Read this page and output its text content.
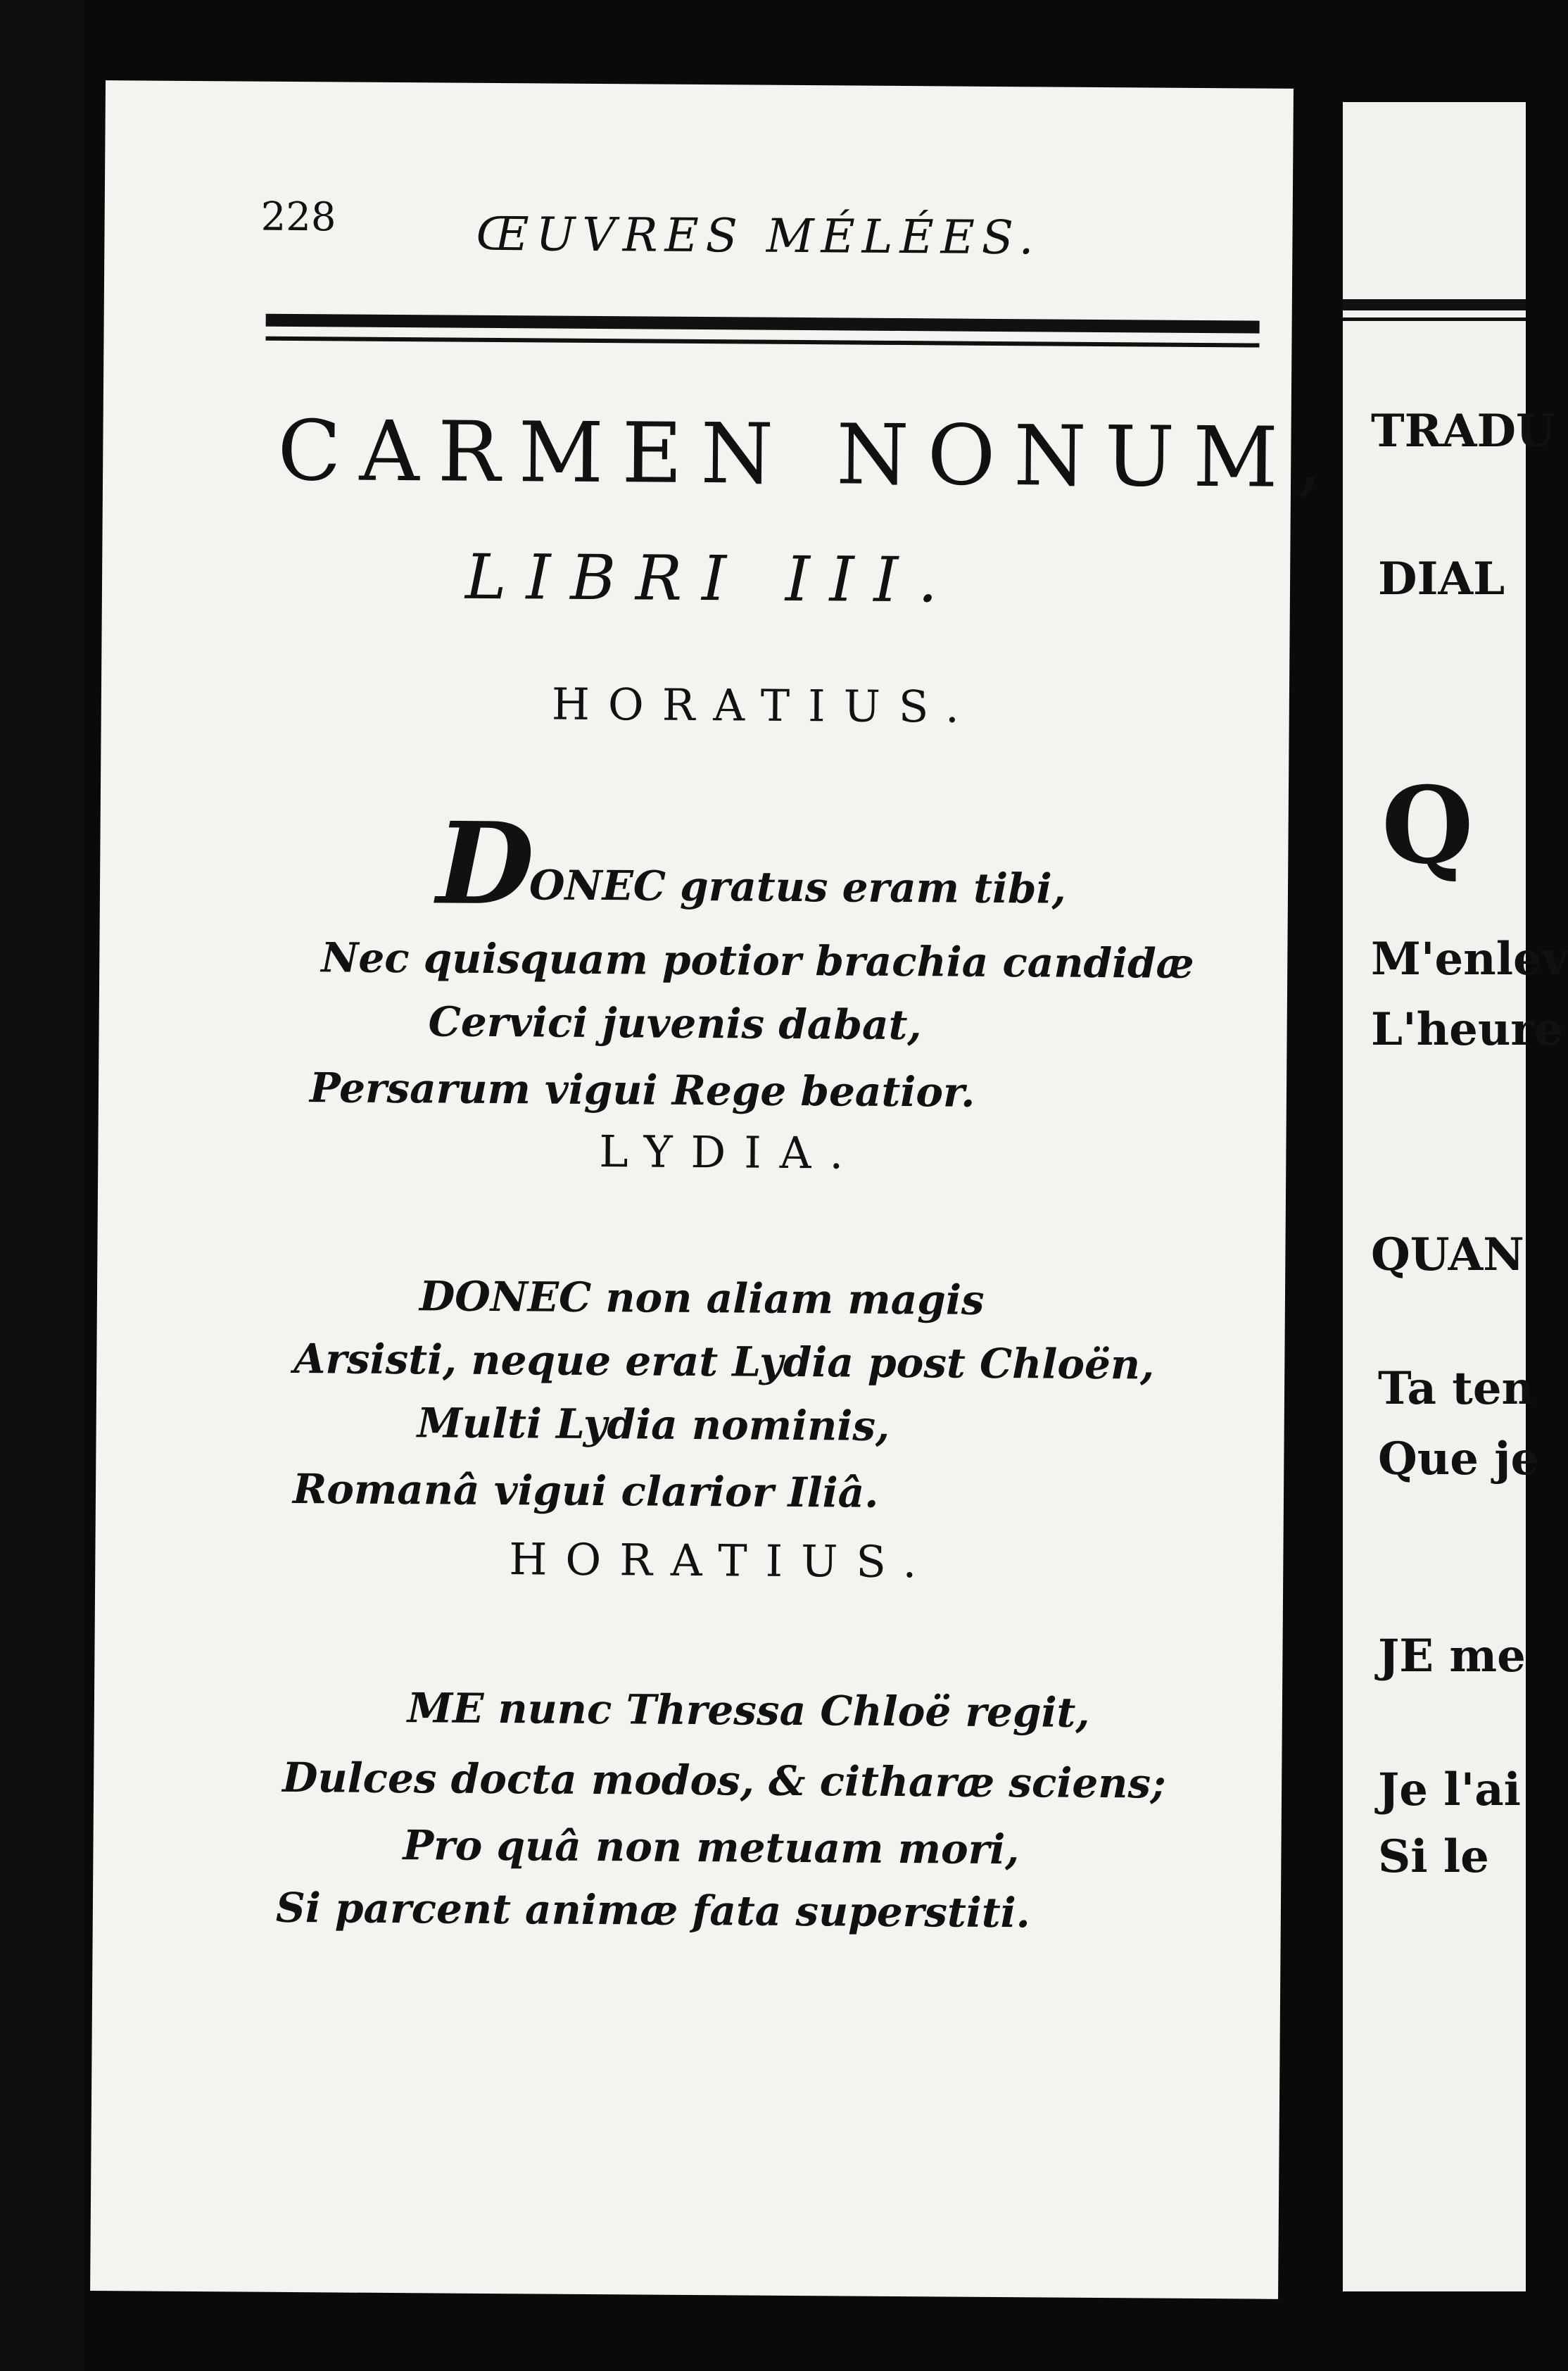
228	ŒUVRES MÉLÉES.
CARMEN NONUM,
LIBRI III.
HORATIUS.
D
ONEC gratus eram tibi,
Nec quisquam potior brachia candidæ
Cervici juvenis dabat,
Persarum vigui Rege beatior.
LYDIA.
DONEC non aliam magis
Arsisti, neque erat Lydia post Chloën,
Multi Lydia nominis,
Romanâ vigui clarior Iliâ.
HORATIUS.
ME nunc Thressa Chloë regit,
Dulces docta modos, & citharæ sciens;
Pro quâ non metuam mori,
Si parcent animæ fata superstiti.
TRADU
DIAL
Q
M'enlev
L'heure
QUAN
Ta ten
Que je
JE me
Je l'ai
Si le
